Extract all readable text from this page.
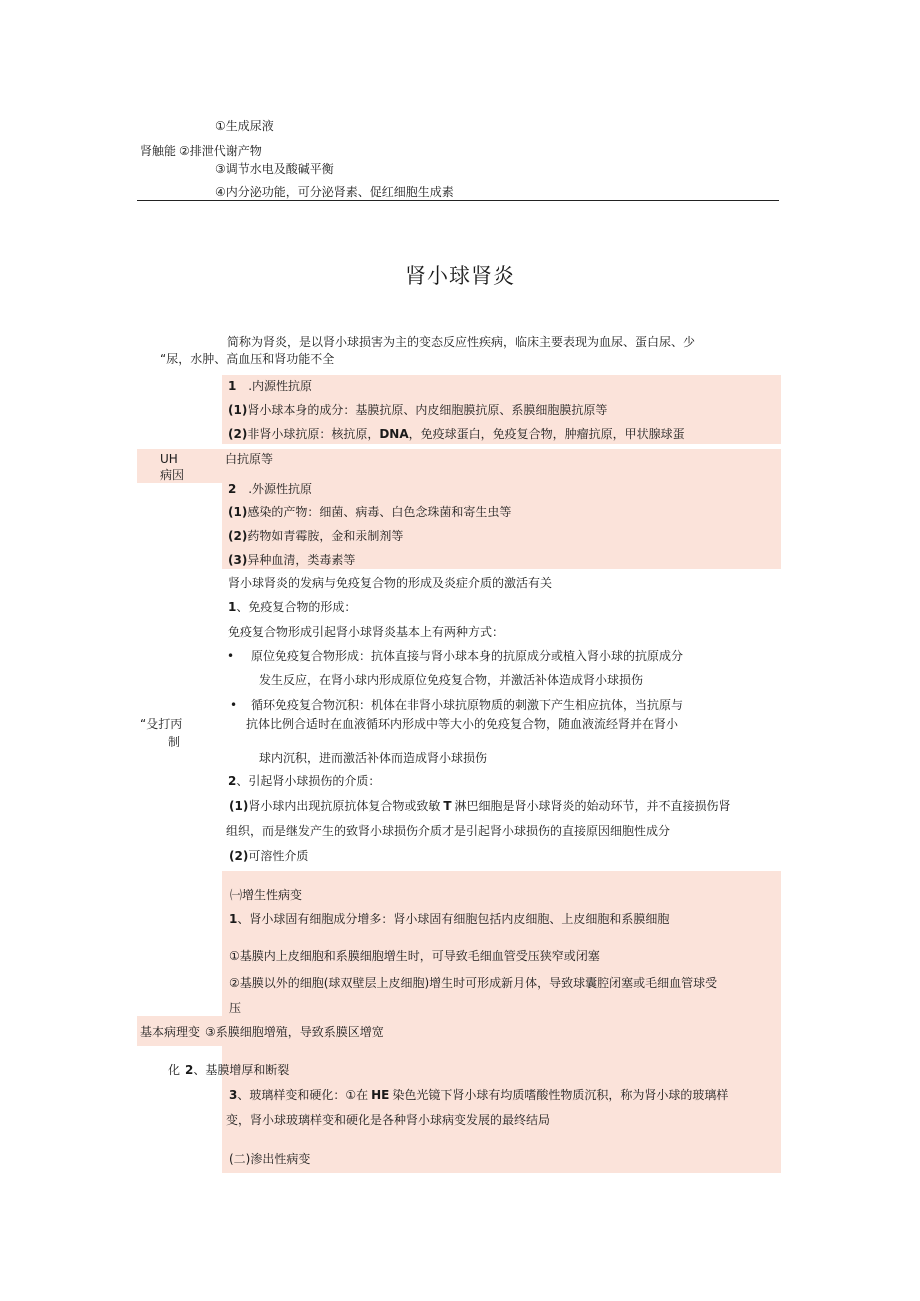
①生成尿液
肾触能 ②排泄代谢产物
③调节水电及酸碱平衡
④内分泌功能，可分泌肾素、促红细胞生成素
肾小球肾炎
简称为肾炎，是以肾小球损害为主的变态反应性疾病，临床主要表现为血尿、蛋白尿、少
“尿，水肿、高血压和肾功能不全
UH
病因
1 .内源性抗原
(1)肾小球本身的成分：基膜抗原、内皮细胞膜抗原、系膜细胞膜抗原等
(2)非肾小球抗原：核抗原，DNA，免疫球蛋白，免疫复合物，肿瘤抗原，甲状腺球蛋
白抗原等
2 .外源性抗原
(1)感染的产物：细菌、病毒、白色念珠菌和寄生虫等
(2)药物如青霉胺，金和汞制剂等
(3)异种血清，类毒素等
“殳打丙
制
肾小球肾炎的发病与免疫复合物的形成及炎症介质的激活有关
1、免疫复合物的形成：
免疫复合物形成引起肾小球肾炎基本上有两种方式：
• 原位免疫复合物形成：抗体直接与肾小球本身的抗原成分或植入肾小球的抗原成分
发生反应，在肾小球内形成原位免疫复合物，并激活补体造成肾小球损伤
• 循环免疫复合物沉积：机体在非肾小球抗原物质的刺激下产生相应抗体，当抗原与
抗体比例合适时在血液循环内形成中等大小的免疫复合物，随血液流经肾并在肾小
球内沉积，进而激活补体而造成肾小球损伤
2、引起肾小球损伤的介质：
(1)肾小球内出现抗原抗体复合物或致敏 T 淋巴细胞是肾小球肾炎的始动环节，并不直接损伤肾
组织，而是继发产生的致肾小球损伤介质才是引起肾小球损伤的直接原因细胞性成分
(2)可溶性介质
㈠增生性病变
1、肾小球固有细胞成分增多：肾小球固有细胞包括内皮细胞、上皮细胞和系膜细胞
①基膜内上皮细胞和系膜细胞增生时，可导致毛细血管受压狭窄或闭塞
②基膜以外的细胞(球双壁层上皮细胞)增生时可形成新月体，导致球囊腔闭塞或毛细血管球受
压
基本病理变 ③系膜细胞增殖，导致系膜区增宽
化 2、基膜增厚和断裂
3、玻璃样变和硬化：①在 HE 染色光镜下肾小球有均质嗜酸性物质沉积，称为肾小球的玻璃样
变，肾小球玻璃样变和硬化是各种肾小球病变发展的最终结局
(二)渗出性病变
